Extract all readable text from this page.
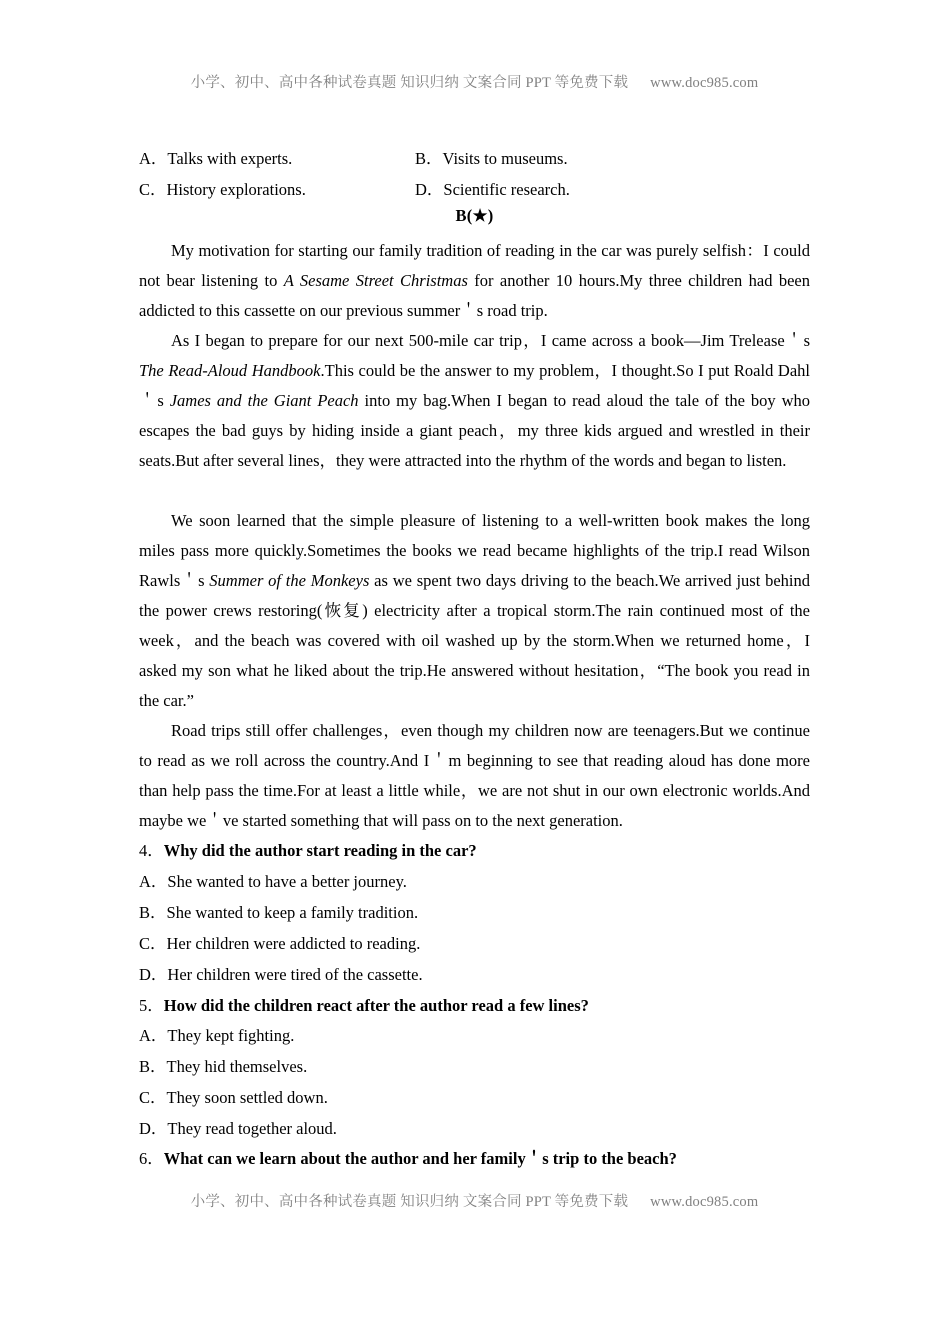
小学、初中、高中各种试卷真题 知识归纳 文案合同 PPT 等免费下载 www.doc985.com
A．Talks with experts.	B．Visits to museums.
C．History explorations.	D．Scientific research.
B(★)
My motivation for starting our family tradition of reading in the car was purely selfish：I could not bear listening to A Sesame Street Christmas for another 10 hours.My three children had been addicted to this cassette on our previous summer＇s road trip.
As I began to prepare for our next 500-mile car trip，I came across a book—Jim Trelease＇s The Read-Aloud Handbook.This could be the answer to my problem，I thought.So I put Roald Dahl＇s James and the Giant Peach into my bag.When I began to read aloud the tale of the boy who escapes the bad guys by hiding inside a giant peach，my three kids argued and wrestled in their seats.But after several lines，they were attracted into the rhythm of the words and began to listen.
We soon learned that the simple pleasure of listening to a well-written book makes the long miles pass more quickly.Sometimes the books we read became highlights of the trip.I read Wilson Rawls＇s Summer of the Monkeys as we spent two days driving to the beach.We arrived just behind the power crews restoring(恢复) electricity after a tropical storm.The rain continued most of the week，and the beach was covered with oil washed up by the storm.When we returned home，I asked my son what he liked about the trip.He answered without hesitation，“The book you read in the car.”
Road trips still offer challenges，even though my children now are teenagers.But we continue to read as we roll across the country.And I＇m beginning to see that reading aloud has done more than help pass the time.For at least a little while，we are not shut in our own electronic worlds.And maybe we＇ve started something that will pass on to the next generation.
4．Why did the author start reading in the car?
A．She wanted to have a better journey.
B．She wanted to keep a family tradition.
C．Her children were addicted to reading.
D．Her children were tired of the cassette.
5．How did the children react after the author read a few lines?
A．They kept fighting.
B．They hid themselves.
C．They soon settled down.
D．They read together aloud.
6．What can we learn about the author and her family＇s trip to the beach?
小学、初中、高中各种试卷真题 知识归纳 文案合同 PPT 等免费下载 www.doc985.com
